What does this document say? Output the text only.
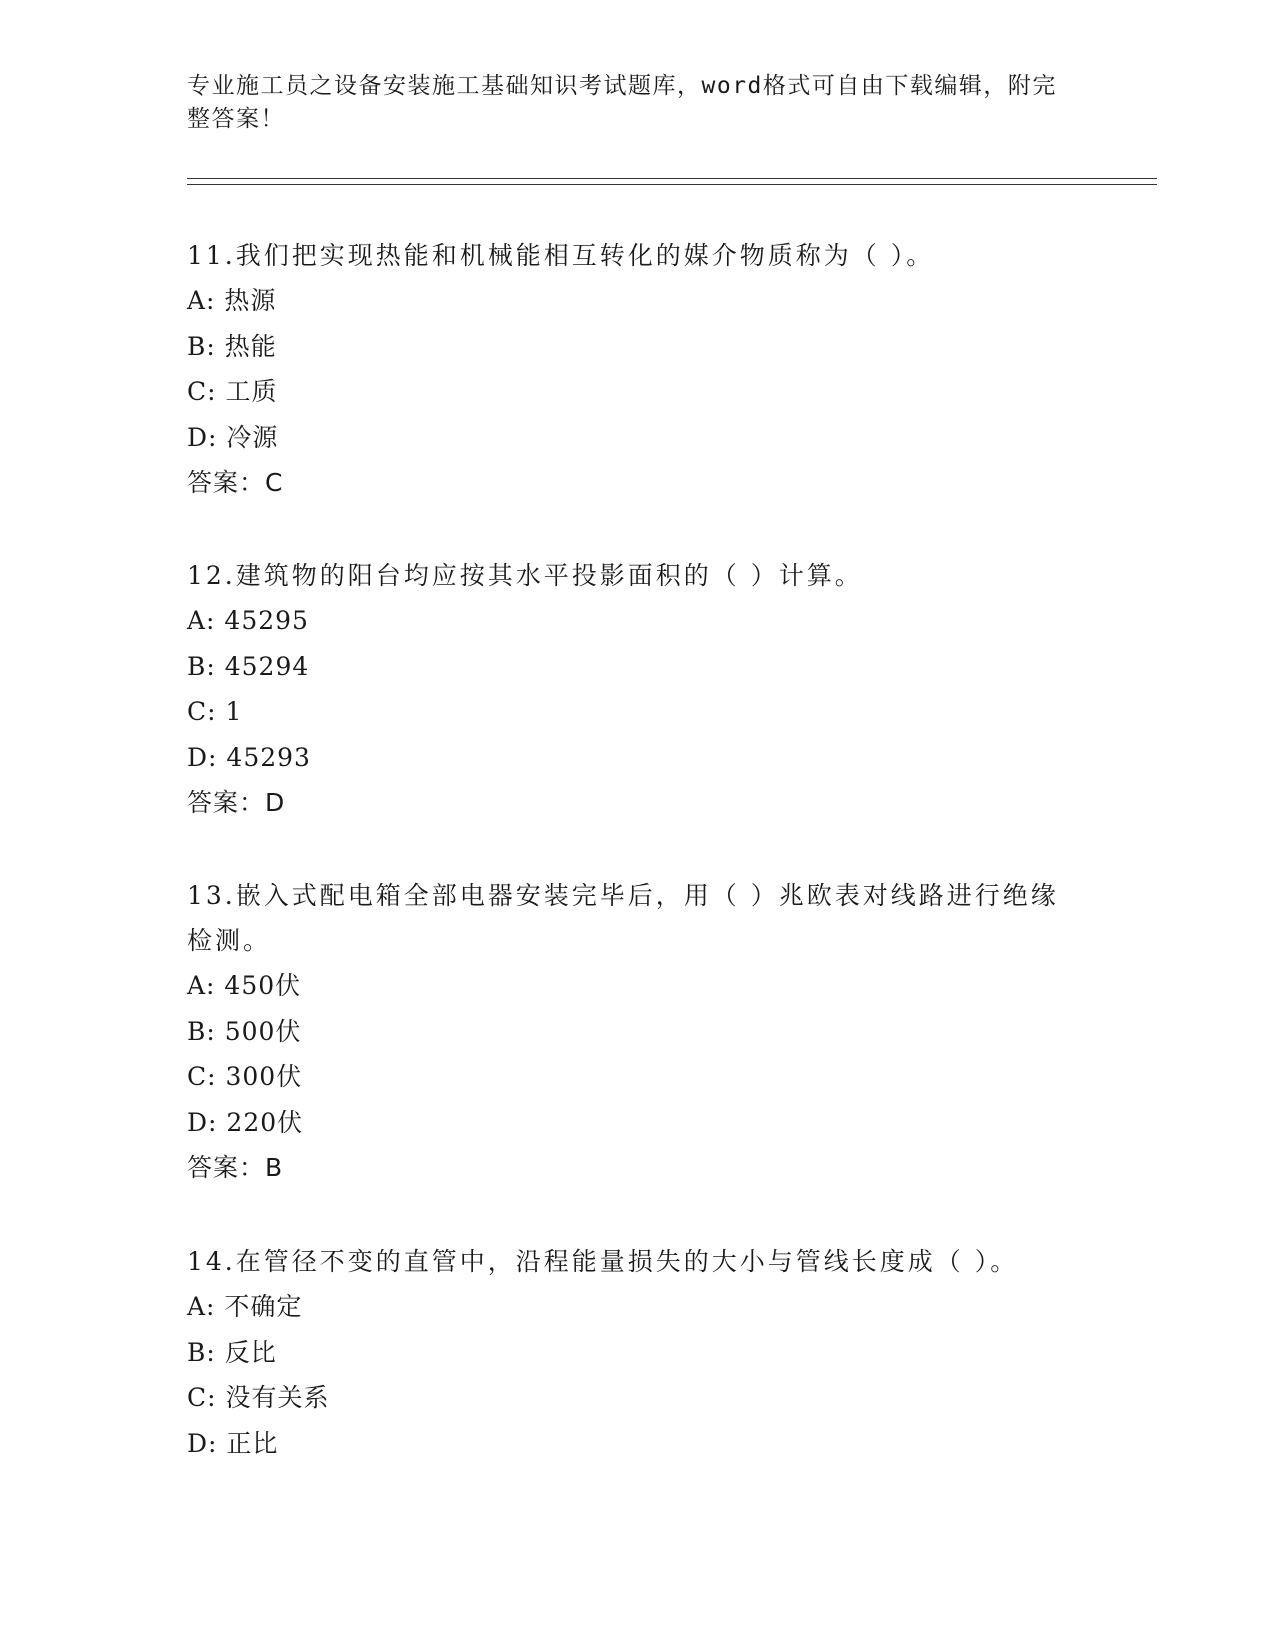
专业施工员之设备安装施工基础知识考试题库，word格式可自由下载编辑，附完整答案！
11.我们把实现热能和机械能相互转化的媒介物质称为（ ）。
A: 热源
B: 热能
C: 工质
D: 冷源
答案：C
12.建筑物的阳台均应按其水平投影面积的（ ）计算。
A: 45295
B: 45294
C: 1
D: 45293
答案：D
13.嵌入式配电箱全部电器安装完毕后，用（ ）兆欧表对线路进行绝缘检测。
A: 450伏
B: 500伏
C: 300伏
D: 220伏
答案：B
14.在管径不变的直管中，沿程能量损失的大小与管线长度成（ ）。
A: 不确定
B: 反比
C: 没有关系
D: 正比
